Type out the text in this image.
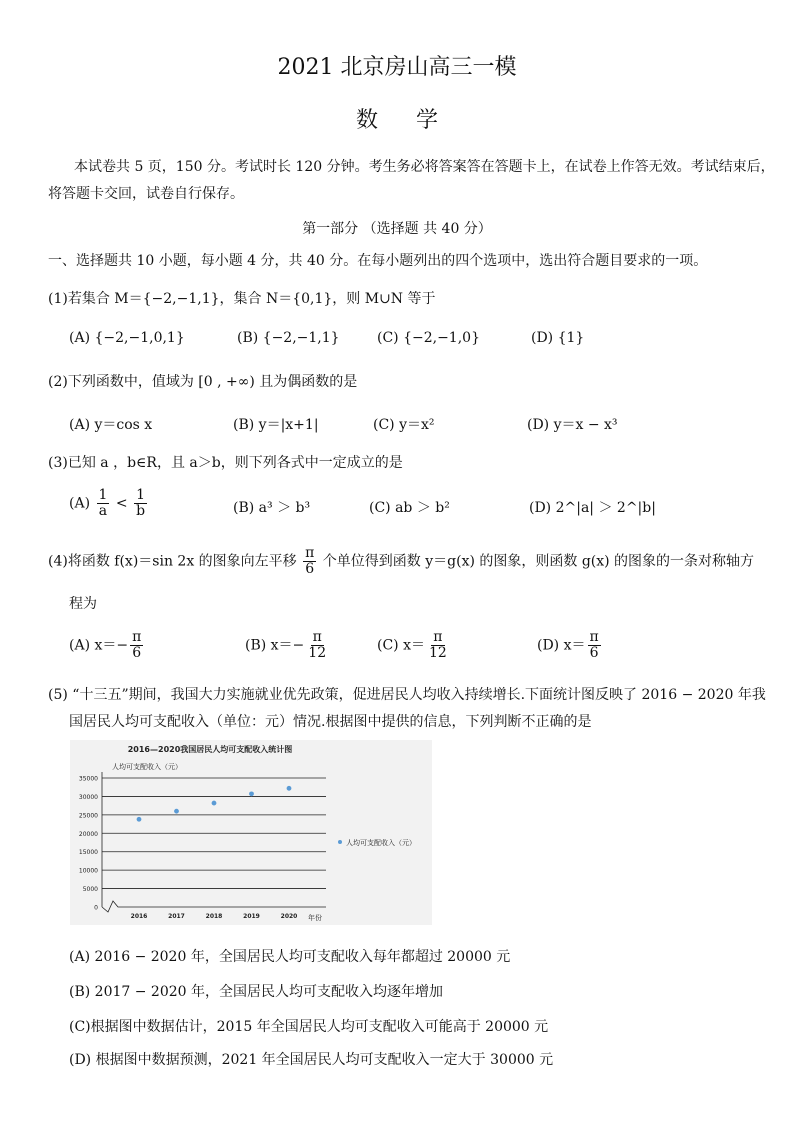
2021 北京房山高三一模
数学
本试卷共 5 页，150 分。考试时长 120 分钟。考生务必将答案答在答题卡上，在试卷上作答无效。考试结束后，
将答题卡交回，试卷自行保存。
第一部分 （选择题 共 40 分）
一、选择题共 10 小题，每小题 4 分，共 40 分。在每小题列出的四个选项中，选出符合题目要求的一项。
(1)若集合 M＝{−2,−1,1}，集合 N＝{0,1}，则 M∪N 等于
(A) {−2,−1,0,1}	(B) {−2,−1,1}	(C) {−2,−1,0}	(D) {1}
(2)下列函数中，值域为 [0 , +∞) 且为偶函数的是
(A) y＝cos x	(B) y＝|x+1|	(C) y＝x²	(D) y＝x − x³
(3)已知 a ，b∈R，且 a＞b，则下列各式中一定成立的是
$(A) \frac{1}{a} < \frac{1}{b}$	(B) a³ ＞ b³	(C) ab ＞ b²	(D) 2^|a| ＞ 2^|b|
(4)将函数 f(x)＝sin 2x 的图象向左平移 $\frac{\pi}{6}$ 个单位得到函数 y＝g(x) 的图象，则函数 g(x) 的图象的一条对称轴方
程为
(A) $x=- \frac{\pi}{6}$	(B) $x=- \frac{\pi}{12}$	(C) $x= \frac{\pi}{12}$	(D) $x= \frac{\pi}{6}$
(5) “十三五”期间，我国大力实施就业优先政策，促进居民人均收入持续增长.下面统计图反映了 2016 − 2020 年我
国居民人均可支配收入（单位：元）情况.根据图中提供的信息，下列判断不正确的是
2016—2020我国居民人均可支配收入统计图
人均可支配收入（元）
年份
人均可支配收入（元）
35000
30000
25000
20000
15000
10000
5000
0
2016	2017	2018	2019	2020
(A) 2016 − 2020 年，全国居民人均可支配收入每年都超过 20000 元
(B) 2017 − 2020 年，全国居民人均可支配收入均逐年增加
(C)根据图中数据估计，2015 年全国居民人均可支配收入可能高于 20000 元
(D) 根据图中数据预测，2021 年全国居民人均可支配收入一定大于 30000 元
